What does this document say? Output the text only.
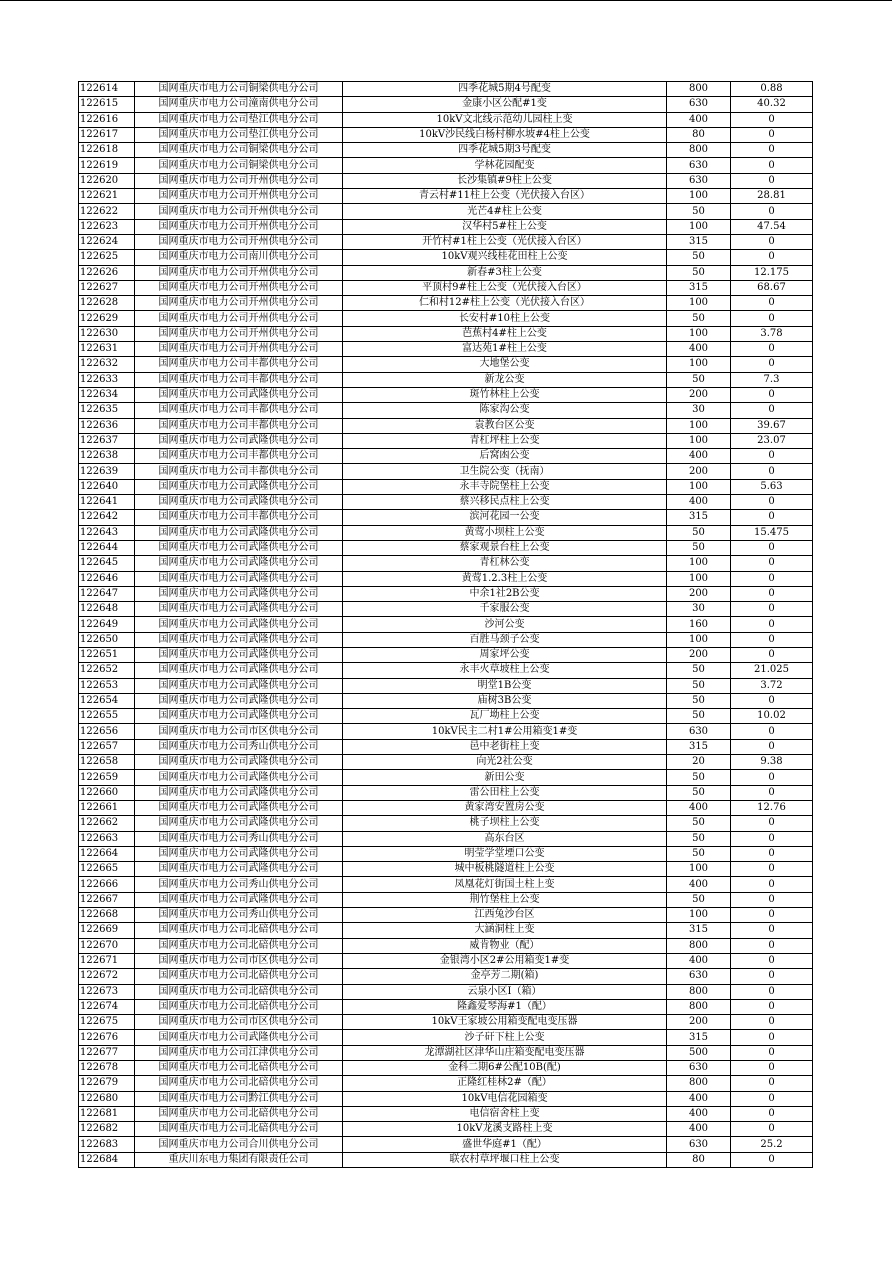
122614	国网重庆市电力公司铜梁供电分公司	四季花城5期4号配变	800	0.88
122615	国网重庆市电力公司潼南供电分公司	金康小区公配#1变	630	40.32
122616	国网重庆市电力公司垫江供电分公司	10kV文北线示范幼儿园柱上变	400	0
122617	国网重庆市电力公司垫江供电分公司	10kV沙民线白杨村柳水坡#4柱上公变	80	0
122618	国网重庆市电力公司铜梁供电分公司	四季花城5期3号配变	800	0
122619	国网重庆市电力公司铜梁供电分公司	学林花园配变	630	0
122620	国网重庆市电力公司开州供电分公司	长沙集镇#9柱上公变	630	0
122621	国网重庆市电力公司开州供电分公司	青云村#11柱上公变（光伏接入台区）	100	28.81
122622	国网重庆市电力公司开州供电分公司	光芒4#柱上公变	50	0
122623	国网重庆市电力公司开州供电分公司	汉华村5#柱上公变	100	47.54
122624	国网重庆市电力公司开州供电分公司	开竹村#1柱上公变（光伏接入台区）	315	0
122625	国网重庆市电力公司南川供电分公司	10kV观兴线桂花田柱上公变	50	0
122626	国网重庆市电力公司开州供电分公司	新春#3柱上公变	50	12.175
122627	国网重庆市电力公司开州供电分公司	平顶村9#柱上公变（光伏接入台区）	315	68.67
122628	国网重庆市电力公司开州供电分公司	仁和村12#柱上公变（光伏接入台区）	100	0
122629	国网重庆市电力公司开州供电分公司	长安村#10柱上公变	50	0
122630	国网重庆市电力公司开州供电分公司	芭蕉村4#柱上公变	100	3.78
122631	国网重庆市电力公司开州供电分公司	富达苑1#柱上公变	400	0
122632	国网重庆市电力公司丰都供电分公司	大地堡公变	100	0
122633	国网重庆市电力公司丰都供电分公司	新龙公变	50	7.3
122634	国网重庆市电力公司武隆供电分公司	斑竹林柱上公变	200	0
122635	国网重庆市电力公司丰都供电分公司	陈家沟公变	30	0
122636	国网重庆市电力公司丰都供电分公司	袁教台区公变	100	39.67
122637	国网重庆市电力公司武隆供电分公司	青杠坪柱上公变	100	23.07
122638	国网重庆市电力公司丰都供电分公司	后窝凼公变	400	0
122639	国网重庆市电力公司丰都供电分公司	卫生院公变（抚南）	200	0
122640	国网重庆市电力公司武隆供电分公司	永丰寺院堡柱上公变	100	5.63
122641	国网重庆市电力公司武隆供电分公司	蔡兴移民点柱上公变	400	0
122642	国网重庆市电力公司丰都供电分公司	滨河花园一公变	315	0
122643	国网重庆市电力公司武隆供电分公司	黄莺小坝柱上公变	50	15.475
122644	国网重庆市电力公司武隆供电分公司	蔡家观景台柱上公变	50	0
122645	国网重庆市电力公司武隆供电分公司	青杠林公变	100	0
122646	国网重庆市电力公司武隆供电分公司	黄莺1.2.3柱上公变	100	0
122647	国网重庆市电力公司武隆供电分公司	中余1社2B公变	200	0
122648	国网重庆市电力公司武隆供电分公司	千家服公变	30	0
122649	国网重庆市电力公司武隆供电分公司	沙河公变	160	0
122650	国网重庆市电力公司武隆供电分公司	百胜马颈子公变	100	0
122651	国网重庆市电力公司武隆供电分公司	周家坪公变	200	0
122652	国网重庆市电力公司武隆供电分公司	永丰火草坡柱上公变	50	21.025
122653	国网重庆市电力公司武隆供电分公司	明堂1B公变	50	3.72
122654	国网重庆市电力公司武隆供电分公司	庙树3B公变	50	0
122655	国网重庆市电力公司武隆供电分公司	瓦厂坳柱上公变	50	10.02
122656	国网重庆市电力公司市区供电分公司	10kV民主二村1#公用箱变1#变	630	0
122657	国网重庆市电力公司秀山供电分公司	邑中老街柱上变	315	0
122658	国网重庆市电力公司武隆供电分公司	向光2社公变	20	9.38
122659	国网重庆市电力公司武隆供电分公司	新田公变	50	0
122660	国网重庆市电力公司武隆供电分公司	雷公田柱上公变	50	0
122661	国网重庆市电力公司武隆供电分公司	黄家湾安置房公变	400	12.76
122662	国网重庆市电力公司武隆供电分公司	桃子坝柱上公变	50	0
122663	国网重庆市电力公司秀山供电分公司	高东台区	50	0
122664	国网重庆市电力公司武隆供电分公司	明莹学堂堙口公变	50	0
122665	国网重庆市电力公司武隆供电分公司	城中板桃隧道柱上公变	100	0
122666	国网重庆市电力公司秀山供电分公司	凤凰花灯街国土柱上变	400	0
122667	国网重庆市电力公司武隆供电分公司	荆竹堡柱上公变	50	0
122668	国网重庆市电力公司秀山供电分公司	江西兔沙台区	100	0
122669	国网重庆市电力公司北碚供电分公司	大涵洞柱上变	315	0
122670	国网重庆市电力公司北碚供电分公司	威肯物业（配）	800	0
122671	国网重庆市电力公司市区供电分公司	金银湾小区2#公用箱变1#变	400	0
122672	国网重庆市电力公司北碚供电分公司	金亭芳二期(箱)	630	0
122673	国网重庆市电力公司北碚供电分公司	云泉小区Ⅰ（箱）	800	0
122674	国网重庆市电力公司北碚供电分公司	隆鑫爱琴海#1（配）	800	0
122675	国网重庆市电力公司市区供电分公司	10kV王家坡公用箱变配电变压器	200	0
122676	国网重庆市电力公司武隆供电分公司	沙子矸下柱上公变	315	0
122677	国网重庆市电力公司江津供电分公司	龙潭湖社区津华山庄箱变配电变压器	500	0
122678	国网重庆市电力公司北碚供电分公司	金科二期6#公配10B(配)	630	0
122679	国网重庆市电力公司北碚供电分公司	正隆红桂林2#（配）	800	0
122680	国网重庆市电力公司黔江供电分公司	10kV电信花园箱变	400	0
122681	国网重庆市电力公司北碚供电分公司	电信宿舍柱上变	400	0
122682	国网重庆市电力公司北碚供电分公司	10kV龙溪支路柱上变	400	0
122683	国网重庆市电力公司合川供电分公司	盛世华庭#1（配）	630	25.2
122684	重庆川东电力集团有限责任公司	联农村草坪堰口柱上公变	80	0
